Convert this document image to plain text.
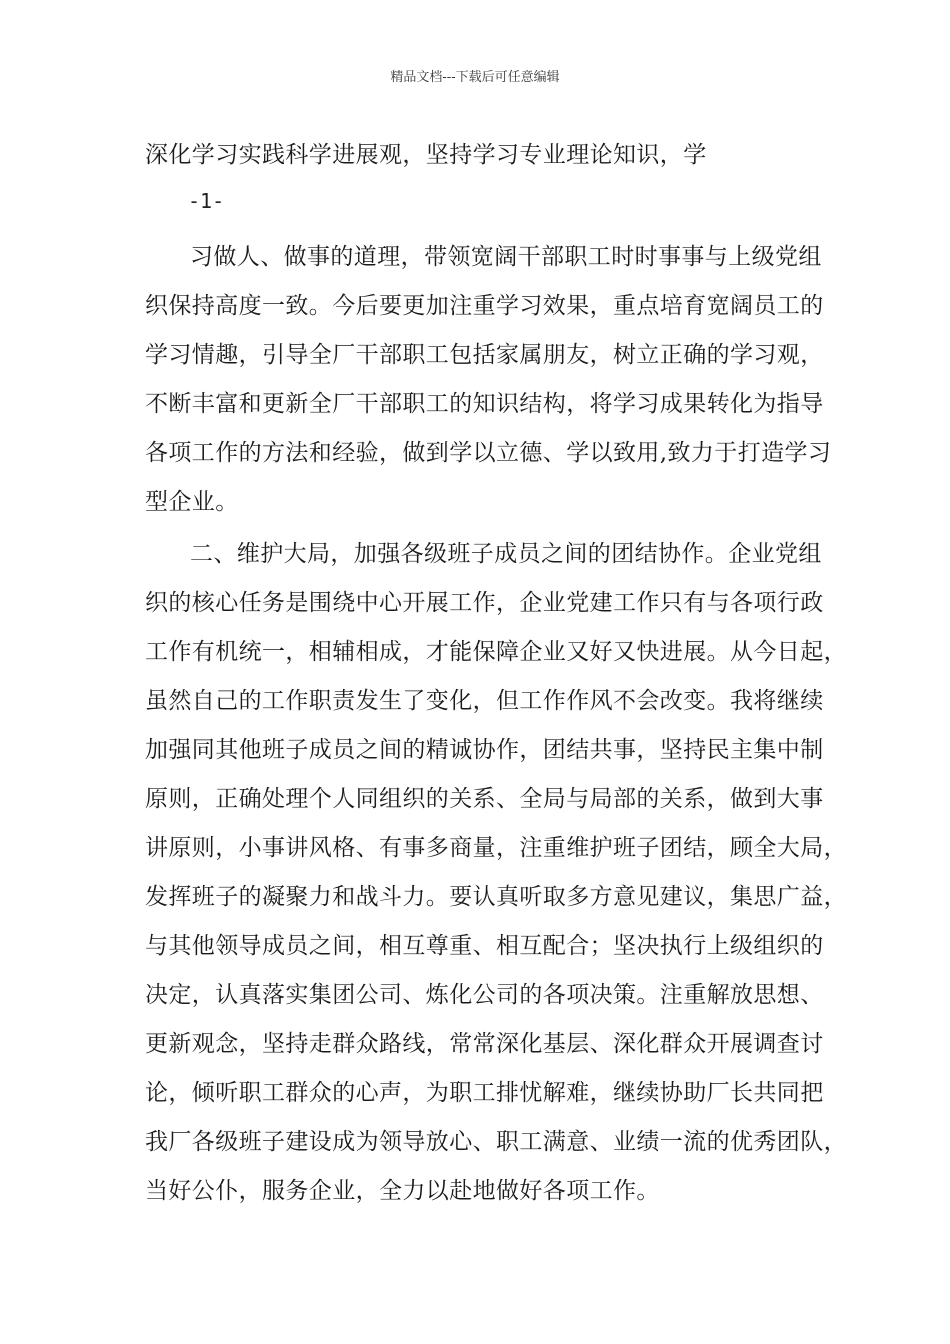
精品文档---下载后可任意编辑
深化学习实践科学进展观，坚持学习专业理论知识，学
-1-
习做人、做事的道理，带领宽阔干部职工时时事事与上级党组
织保持高度一致。今后要更加注重学习效果，重点培育宽阔员工的
学习情趣，引导全厂干部职工包括家属朋友，树立正确的学习观，
不断丰富和更新全厂干部职工的知识结构，将学习成果转化为指导
各项工作的方法和经验，做到学以立德、学以致用,致力于打造学习
型企业。
二、维护大局，加强各级班子成员之间的团结协作。企业党组
织的核心任务是围绕中心开展工作，企业党建工作只有与各项行政
工作有机统一，相辅相成，才能保障企业又好又快进展。从今日起，
虽然自己的工作职责发生了变化，但工作作风不会改变。我将继续
加强同其他班子成员之间的精诚协作，团结共事，坚持民主集中制
原则，正确处理个人同组织的关系、全局与局部的关系，做到大事
讲原则，小事讲风格、有事多商量，注重维护班子团结，顾全大局，
发挥班子的凝聚力和战斗力。要认真听取多方意见建议，集思广益，
与其他领导成员之间，相互尊重、相互配合；坚决执行上级组织的
决定，认真落实集团公司、炼化公司的各项决策。注重解放思想、
更新观念，坚持走群众路线，常常深化基层、深化群众开展调查讨
论，倾听职工群众的心声，为职工排忧解难，继续协助厂长共同把
我厂各级班子建设成为领导放心、职工满意、业绩一流的优秀团队，
当好公仆，服务企业，全力以赴地做好各项工作。
